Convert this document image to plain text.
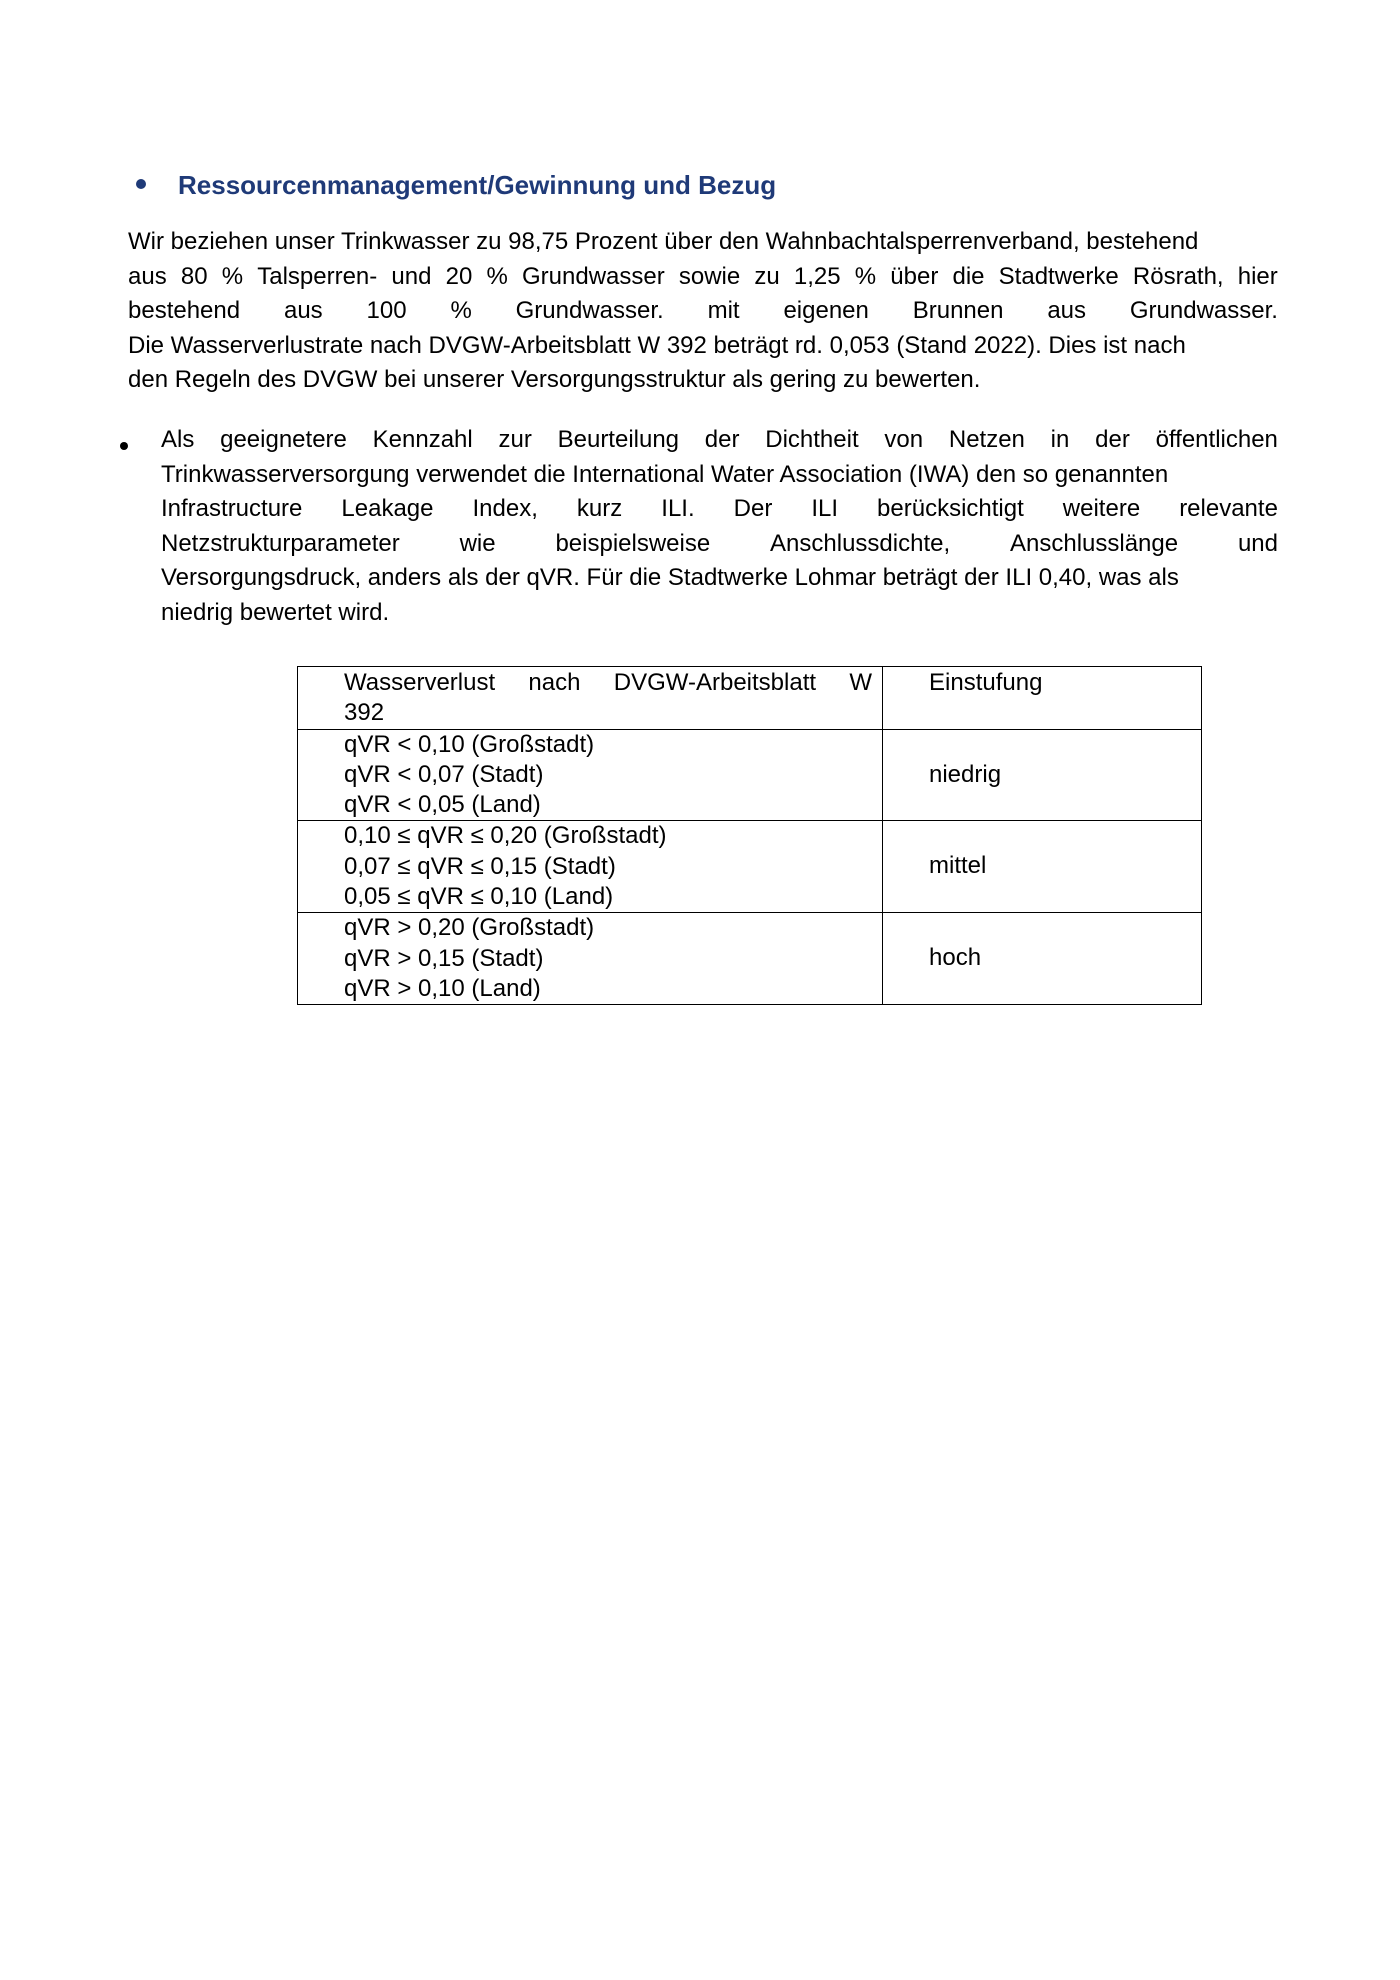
Ressourcenmanagement/Gewinnung und Bezug
Wir beziehen unser Trinkwasser zu 98,75 Prozent über den Wahnbachtalsperrenverband, bestehend
aus 80 % Talsperren- und 20 % Grundwasser sowie zu 1,25 % über die Stadtwerke Rösrath, hier
bestehend aus 100 % Grundwasser. mit eigenen Brunnen aus Grundwasser.
Die Wasserverlustrate nach DVGW-Arbeitsblatt W 392 beträgt rd. 0,053 (Stand 2022). Dies ist nach
den Regeln des DVGW bei unserer Versorgungsstruktur als gering zu bewerten.
Als geeignetere Kennzahl zur Beurteilung der Dichtheit von Netzen in der öffentlichen
Trinkwasserversorgung verwendet die International Water Association (IWA) den so genannten
Infrastructure Leakage Index, kurz ILI. Der ILI berücksichtigt weitere relevante
Netzstrukturparameter wie beispielsweise Anschlussdichte, Anschlusslänge und
Versorgungsdruck, anders als der qVR. Für die Stadtwerke Lohmar beträgt der ILI 0,40, was als
niedrig bewertet wird.
Wasserverlust nach DVGW-Arbeitsblatt W
392	Einstufung

qVR < 0,10 (Großstadt)
qVR < 0,07 (Stadt)
qVR < 0,05 (Land)	niedrig

0,10 ≤ qVR ≤ 0,20 (Großstadt)
0,07 ≤ qVR ≤ 0,15 (Stadt)
0,05 ≤ qVR ≤ 0,10 (Land)	mittel

qVR > 0,20 (Großstadt)
qVR > 0,15 (Stadt)
qVR > 0,10 (Land)	hoch
